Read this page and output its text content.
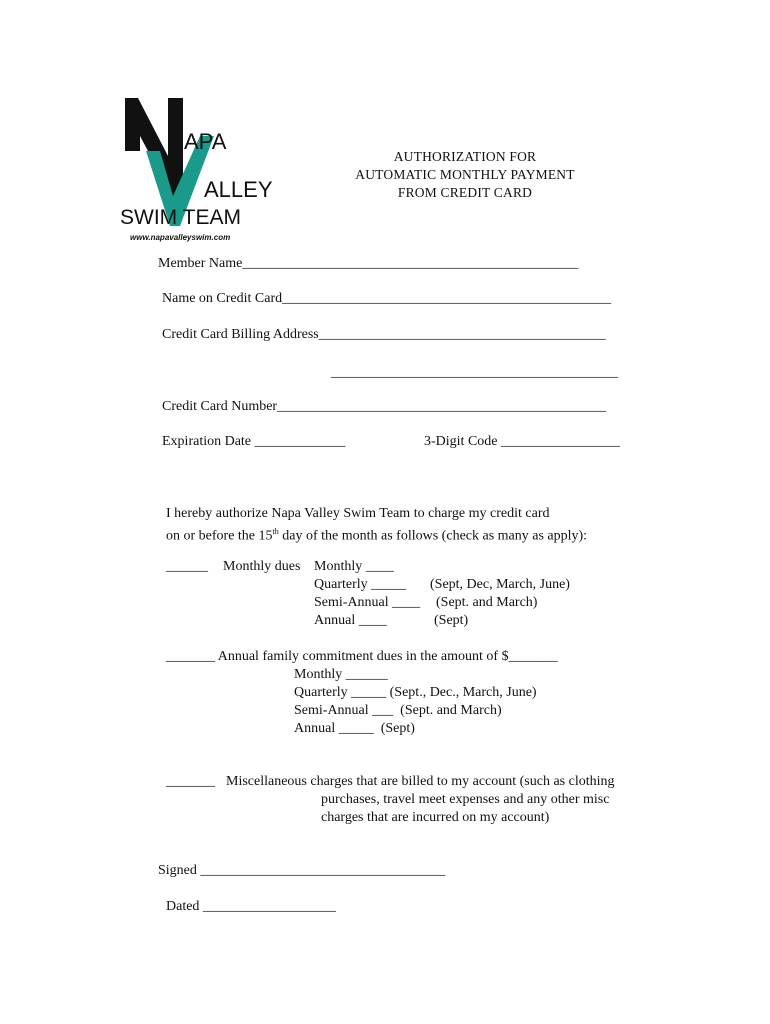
APA
ALLEY
SWIM TEAM
www.napavalleyswim.com
AUTHORIZATION FOR
AUTOMATIC MONTHLY PAYMENT
FROM CREDIT CARD
Member Name________________________________________________
Name on Credit Card_______________________________________________
Credit Card Billing Address_________________________________________
_________________________________________
Credit Card Number_______________________________________________
Expiration Date _____________	3-Digit Code _________________
I hereby authorize Napa Valley Swim Team to charge my credit card
on or before the 15th day of the month as follows (check as many as apply):
______ Monthly dues Monthly ____
Quarterly _____ (Sept, Dec, March, June)
Semi-Annual ____ (Sept. and March)
Annual ____	(Sept)
_______ Annual family commitment dues in the amount of $_______
Monthly ______
Quarterly _____ (Sept., Dec., March, June)
Semi-Annual ___  (Sept. and March)
Annual _____  (Sept)
_______ Miscellaneous charges that are billed to my account (such as clothing
purchases, travel meet expenses and any other misc
charges that are incurred on my account)
Signed ___________________________________
Dated ___________________
